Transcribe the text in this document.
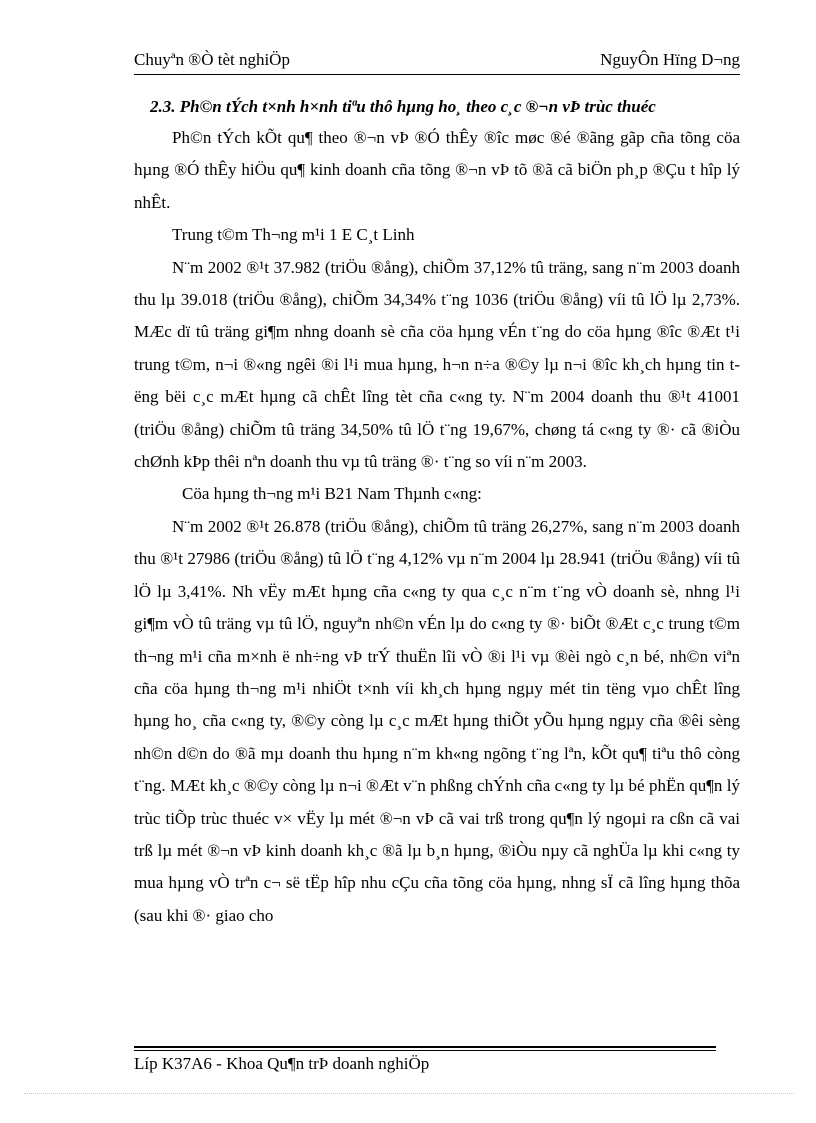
Chuyªn ®Ò tèt nghiÖp	NguyÔn Hïng D¬ng

2.3. Ph©n tÝch t×nh h×nh tiªu thô hµng ho¸ theo c¸c ®¬n vÞ trùc thuéc

Ph©n tÝch kÕt qu¶ theo ®¬n vÞ ®Ó thÊy ®îc møc ®é ®ãng gãp cña tõng cöa hµng ®Ó thÊy hiÖu qu¶ kinh doanh cña tõng ®¬n vÞ tõ ®ã cã biÖn ph¸p ®Çu t hîp lý nhÊt.

Trung t©m Th¬ng m¹i 1 E C¸t Linh

N¨m 2002 ®¹t 37.982 (triÖu ®ång), chiÕm 37,12% tû träng, sang n¨m 2003 doanh thu lµ 39.018 (triÖu ®ång), chiÕm 34,34% t¨ng 1036 (triÖu ®ång) víi tû lÖ lµ 2,73%. MÆc dï tû träng gi¶m nhng doanh sè cña cöa hµng vÉn t¨ng do cöa hµng ®îc ®Æt t¹i trung t©m, n¬i ®«ng ngêi ®i l¹i mua hµng, h¬n n÷a ®©y lµ n¬i ®îc kh¸ch hµng tin tëng bëi c¸c mÆt hµng cã chÊt lîng tèt cña c«ng ty. N¨m 2004 doanh thu ®¹t 41001 (triÖu ®ång) chiÕm tû träng 34,50% tû lÖ t¨ng 19,67%, chøng tá c«ng ty ®· cã ®iÒu chØnh kÞp thêi nªn doanh thu vµ tû träng ®· t¨ng so víi n¨m 2003.

Cöa hµng th¬ng m¹i B21 Nam Thµnh c«ng:

N¨m 2002 ®¹t 26.878 (triÖu ®ång), chiÕm tû träng 26,27%, sang n¨m 2003 doanh thu ®¹t 27986 (triÖu ®ång) tû lÖ t¨ng 4,12% vµ n¨m 2004 lµ 28.941 (triÖu ®ång) víi tû lÖ lµ 3,41%. Nh vËy mÆt hµng cña c«ng ty qua c¸c n¨m t¨ng vÒ doanh sè, nhng l¹i gi¶m vÒ tû träng vµ tû lÖ, nguyªn nh©n vÉn lµ do c«ng ty ®· biÕt ®Æt c¸c trung t©m th¬ng m¹i cña m×nh ë nh÷ng vÞ trÝ thuËn lîi vÒ ®i l¹i vµ ®èi ngò c¸n bé, nh©n viªn cña cöa hµng th¬ng m¹i nhiÖt t×nh víi kh¸ch hµng ngµy mét tin tëng vµo chÊt lîng hµng ho¸ cña c«ng ty, ®©y còng lµ c¸c mÆt hµng thiÕt yÕu hµng ngµy cña ®êi sèng nh©n d©n do ®ã mµ doanh thu hµng n¨m kh«ng ngõng t¨ng lªn, kÕt qu¶ tiªu thô còng t¨ng. MÆt kh¸c ®©y còng lµ n¬i ®Æt v¨n phßng chÝnh cña c«ng ty lµ bé phËn qu¶n lý trùc tiÕp trùc thuéc v× vËy lµ mét ®¬n vÞ cã vai trß trong qu¶n lý ngoµi ra cßn cã vai trß lµ mét ®¬n vÞ kinh doanh kh¸c ®ã lµ b¸n hµng, ®iÒu nµy cã nghÜa lµ khi c«ng ty mua hµng vÒ trªn c¬ së tËp hîp nhu cÇu cña tõng cöa hµng, nhng sÏ cã lîng hµng thõa (sau khi ®· giao cho

Líp K37A6 - Khoa Qu¶n trÞ doanh nghiÖp
